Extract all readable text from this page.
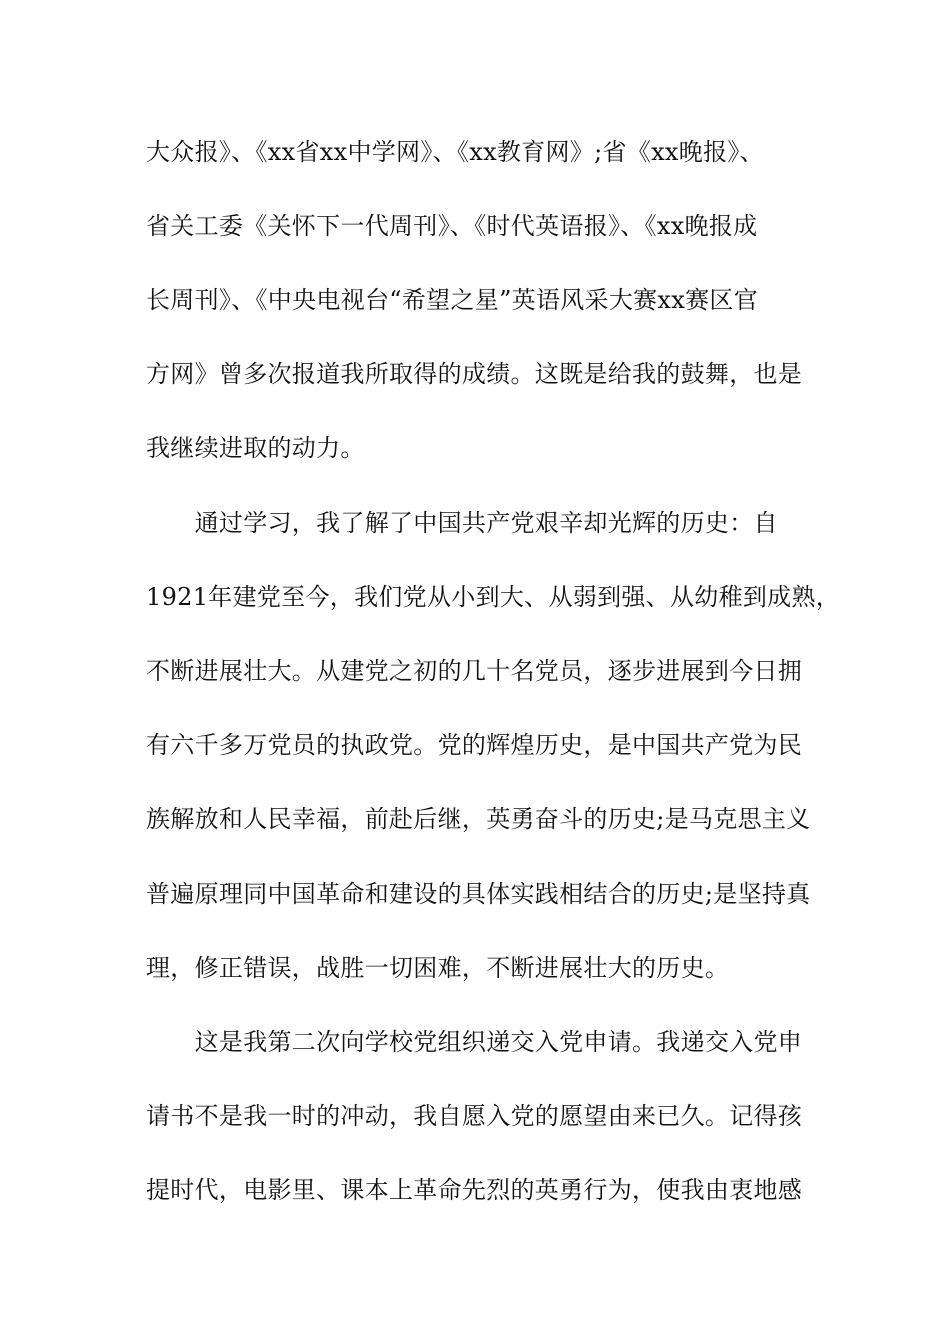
大众报》、《xx省xx中学网》、《xx教育网》;省《xx晚报》、
省关工委《关怀下一代周刊》、《时代英语报》、《xx晚报成
长周刊》、《中央电视台“希望之星”英语风采大赛xx赛区官
方网》曾多次报道我所取得的成绩。这既是给我的鼓舞，也是
我继续进取的动力。
　　通过学习，我了解了中国共产党艰辛却光辉的历史：自
1921年建党至今，我们党从小到大、从弱到强、从幼稚到成熟，
不断进展壮大。从建党之初的几十名党员，逐步进展到今日拥
有六千多万党员的执政党。党的辉煌历史，是中国共产党为民
族解放和人民幸福，前赴后继，英勇奋斗的历史;是马克思主义
普遍原理同中国革命和建设的具体实践相结合的历史;是坚持真
理，修正错误，战胜一切困难，不断进展壮大的历史。
　　这是我第二次向学校党组织递交入党申请。我递交入党申
请书不是我一时的冲动，我自愿入党的愿望由来已久。记得孩
提时代，电影里、课本上革命先烈的英勇行为，使我由衷地感
